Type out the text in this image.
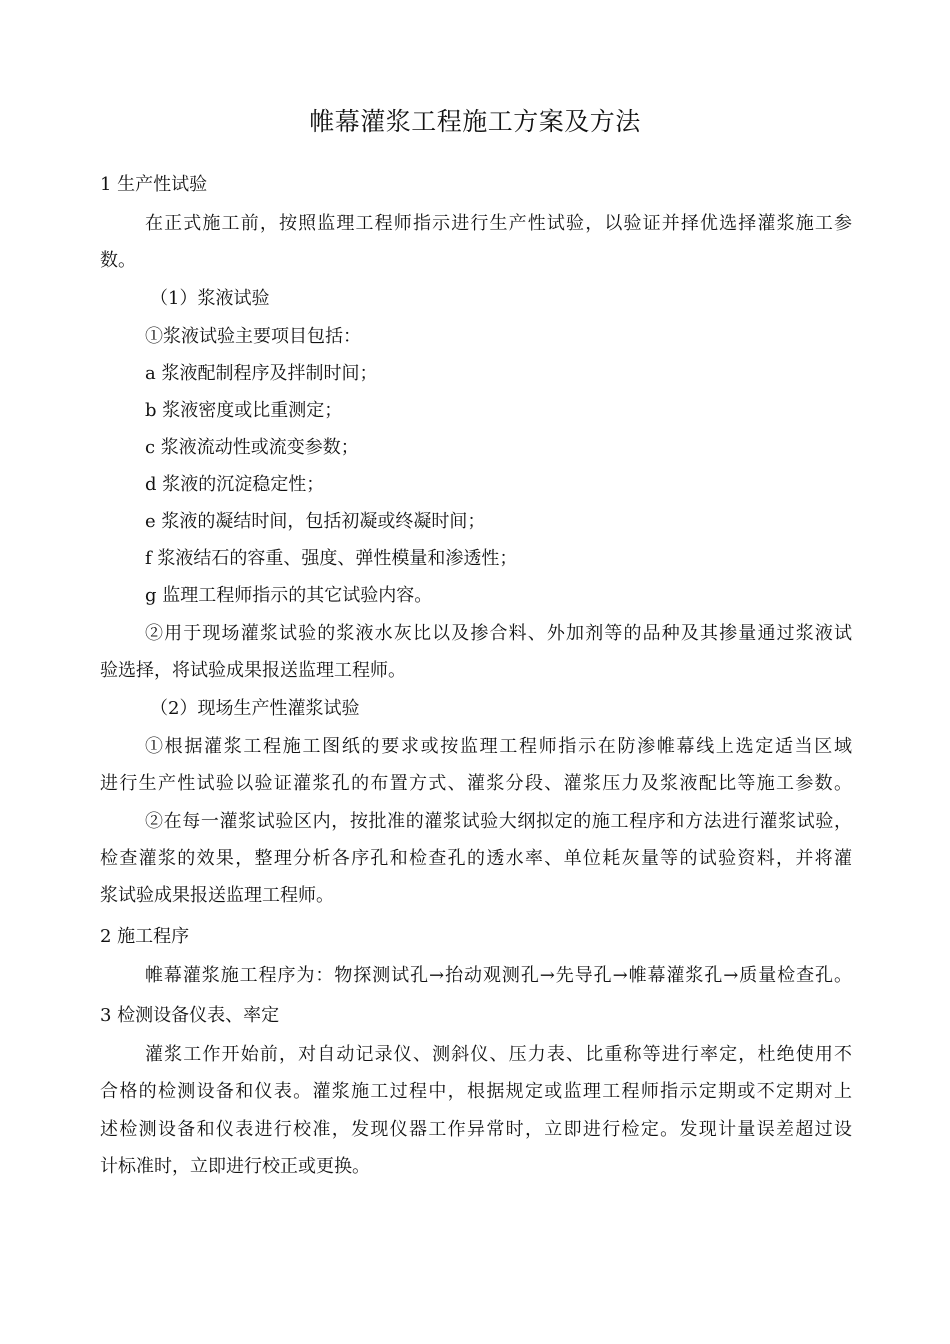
帷幕灌浆工程施工方案及方法
1 生产性试验
在正式施工前，按照监理工程师指示进行生产性试验，以验证并择优选择灌浆施工参
数。
（1）浆液试验
①浆液试验主要项目包括：
a 浆液配制程序及拌制时间；
b 浆液密度或比重测定；
c 浆液流动性或流变参数；
d 浆液的沉淀稳定性；
e 浆液的凝结时间，包括初凝或终凝时间；
f 浆液结石的容重、强度、弹性模量和渗透性；
g 监理工程师指示的其它试验内容。
②用于现场灌浆试验的浆液水灰比以及掺合料、外加剂等的品种及其掺量通过浆液试
验选择，将试验成果报送监理工程师。
（2）现场生产性灌浆试验
①根据灌浆工程施工图纸的要求或按监理工程师指示在防渗帷幕线上选定适当区域
进行生产性试验以验证灌浆孔的布置方式、灌浆分段、灌浆压力及浆液配比等施工参数。
②在每一灌浆试验区内，按批准的灌浆试验大纲拟定的施工程序和方法进行灌浆试验，
检查灌浆的效果，整理分析各序孔和检查孔的透水率、单位耗灰量等的试验资料，并将灌
浆试验成果报送监理工程师。
2 施工程序
帷幕灌浆施工程序为：物探测试孔→抬动观测孔→先导孔→帷幕灌浆孔→质量检查孔。
3 检测设备仪表、率定
灌浆工作开始前，对自动记录仪、测斜仪、压力表、比重称等进行率定，杜绝使用不
合格的检测设备和仪表。灌浆施工过程中，根据规定或监理工程师指示定期或不定期对上
述检测设备和仪表进行校准，发现仪器工作异常时，立即进行检定。发现计量误差超过设
计标准时，立即进行校正或更换。
